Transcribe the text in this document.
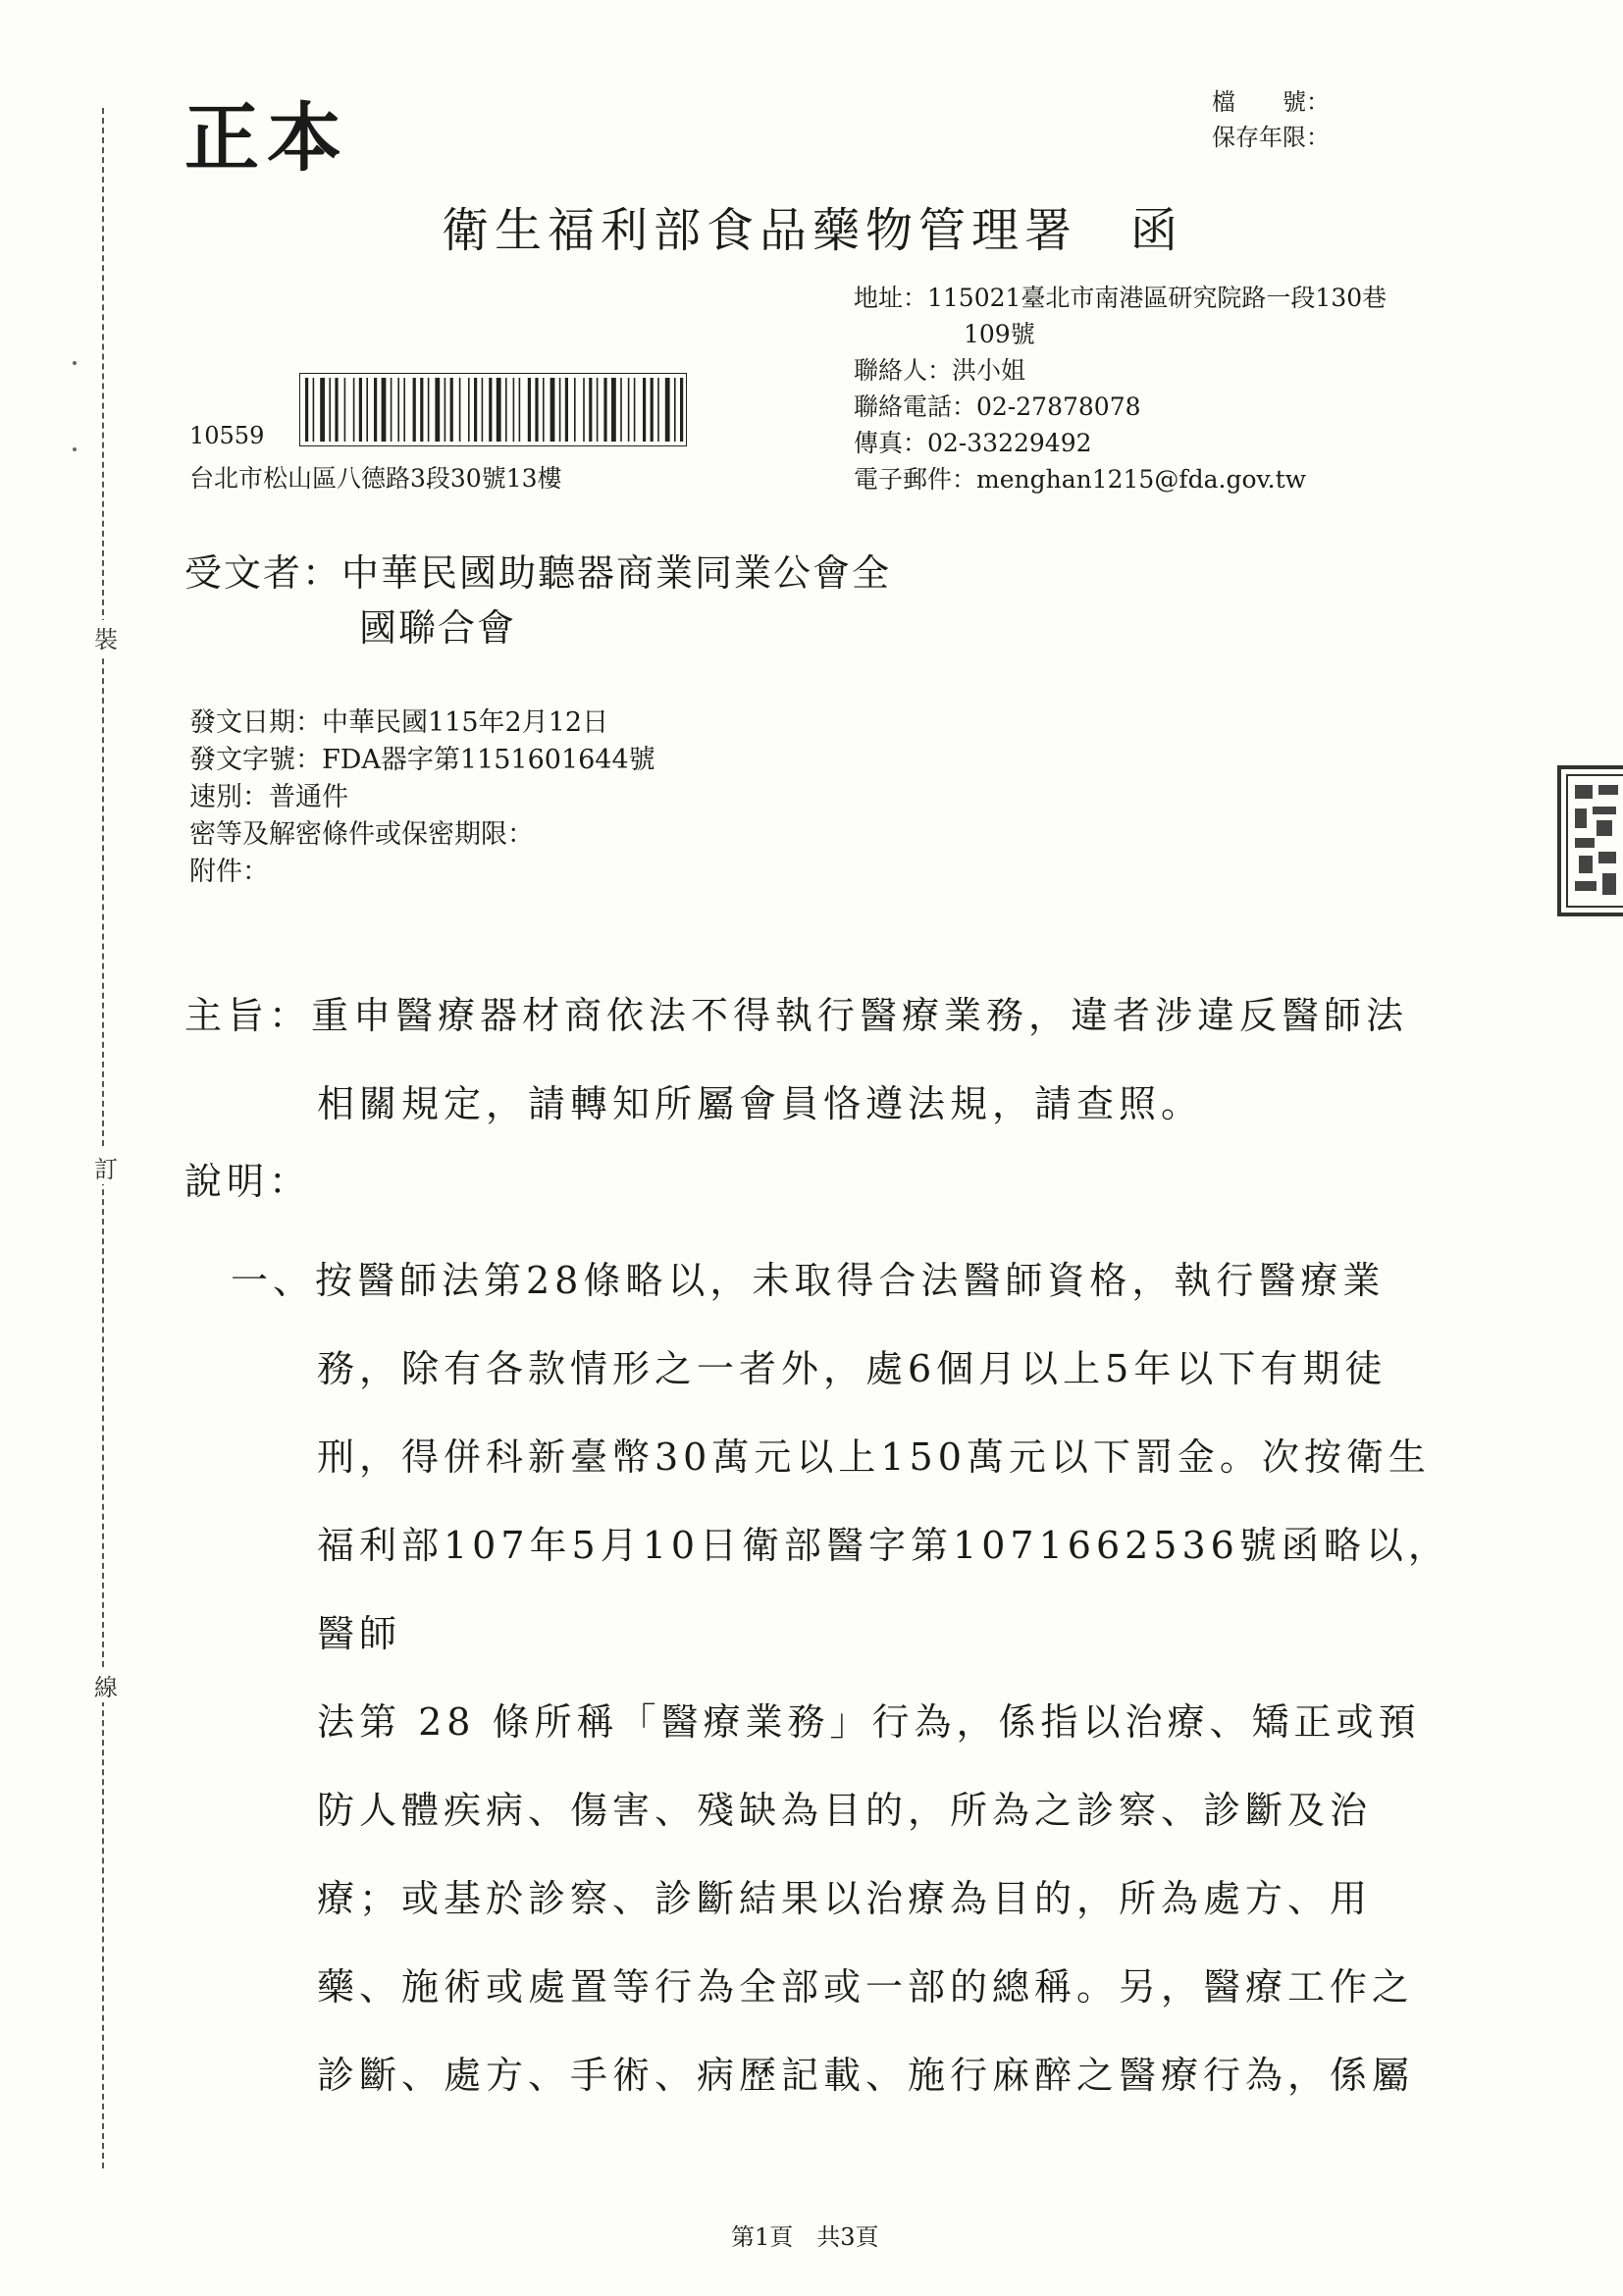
裝
訂
線
正本	檔　　號：
保存年限：
衛生福利部食品藥物管理署　函
地址：115021臺北市南港區研究院路一段130巷
109號
聯絡人：洪小姐
聯絡電話：02-27878078
傳真：02-33229492
電子郵件：menghan1215@fda.gov.tw
10559
台北市松山區八德路3段30號13樓
受文者：中華民國助聽器商業同業公會全
國聯合會
發文日期：中華民國115年2月12日
發文字號：FDA器字第1151601644號
速別：普通件
密等及解密條件或保密期限：
附件：
主旨：重申醫療器材商依法不得執行醫療業務，違者涉違反醫師法
相關規定，請轉知所屬會員恪遵法規，請查照。
說明：
一、按醫師法第28條略以，未取得合法醫師資格，執行醫療業
務，除有各款情形之一者外，處6個月以上5年以下有期徒
刑，得併科新臺幣30萬元以上150萬元以下罰金。次按衛生
福利部107年5月10日衛部醫字第1071662536號函略以，醫師
法第 28 條所稱「醫療業務」行為，係指以治療、矯正或預
防人體疾病、傷害、殘缺為目的，所為之診察、診斷及治
療；或基於診察、診斷結果以治療為目的，所為處方、用
藥、施術或處置等行為全部或一部的總稱。另，醫療工作之
診斷、處方、手術、病歷記載、施行麻醉之醫療行為，係屬
第1頁　共3頁
